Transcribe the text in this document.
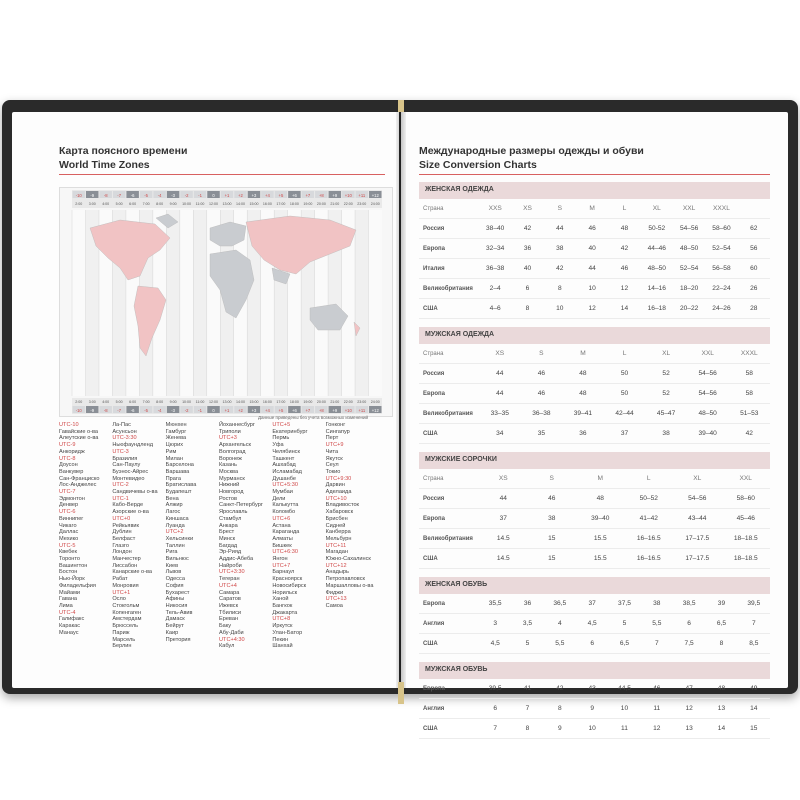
Карта поясного времени
World Time Zones
-10
2:00
2:00
-10
-9
3:00
3:00
-9
-8
4:00
4:00
-8
-7
5:00
5:00
-7
-6
6:00
6:00
-6
-5
7:00
7:00
-5
-4
8:00
8:00
-4
-3
9:00
9:00
-3
-2
10:00
10:00
-2
-1
11:00
11:00
-1
0
12:00
12:00
0
+1
13:00
13:00
+1
+2
14:00
14:00
+2
+3
15:00
15:00
+3
+4
16:00
16:00
+4
+5
17:00
17:00
+5
+6
18:00
18:00
+6
+7
19:00
19:00
+7
+8
20:00
20:00
+8
+9
21:00
21:00
+9
+10
22:00
22:00
+10
+11
23:00
23:00
+11
+12
24:00
24:00
+12
Данные приведены без учета возможных изменений
UTC-10
Гавайские о-ва
Алеутские о-ва
UTC-9
Анкоридж
UTC-8
Доусон
Ванкувер
Сан-Франциско
Лос-Анджелес
UTC-7
Эдмонтон
Денвер
UTC-6
Виннипег
Чикаго
Даллас
Мехико
UTC-5
Квебек
Торонто
Вашингтон
Бостон
Нью-Йорк
Филадельфия
Майами
Гавана
Лима
UTC-4
Галифакс
Каракас
Манаус
Ла-Пас
Асунсьон
UTC-3:30
Ньюфаундленд
UTC-3
Бразилия
Сан-Паулу
Буэнос-Айрес
Монтевидео
UTC-2
Сандвичевы о-ва
UTC-1
Кабо-Верде
Азорские о-ва
UTC+0
Рейкьявик
Дублин
Белфаст
Глазго
Лондон
Манчестер
Лиссабон
Канарские о-ва
Рабат
Монровия
UTC+1
Осло
Стокгольм
Копенгаген
Амстердам
Брюссель
Париж
Марсель
Берлин
Мюнхен
Гамбург
Женева
Цюрих
Рим
Милан
Барселона
Варшава
Прага
Братислава
Будапешт
Вена
Алжир
Лагос
Киншаса
Луанда
UTC+2
Хельсинки
Таллин
Рига
Вильнюс
Киев
Львов
Одесса
София
Бухарест
Афины
Никосия
Тель-Авив
Дамаск
Бейрут
Каир
Претория
Йоханнесбург
Триполи
UTC+3
Архангельск
Волгоград
Воронеж
Казань
Москва
Мурманск
Нижний
Новгород
Ростов
Санкт-Петербург
Ярославль
Стамбул
Анкара
Брест
Минск
Багдад
Эр-Рияд
Аддис-Абеба
Найроби
UTC+3:30
Тегеран
UTC+4
Самара
Саратов
Ижевск
Тбилиси
Ереван
Баку
Абу-Даби
UTC+4:30
Кабул
UTC+5
Екатеринбург
Пермь
Уфа
Челябинск
Ташкент
Ашхабад
Исламабад
Душанбе
UTC+5:30
Мумбаи
Дели
Калькутта
Коломбо
UTC+6
Астана
Караганда
Алматы
Бишкек
UTC+6:30
Янгон
UTC+7
Барнаул
Красноярск
Новосибирск
Норильск
Ханой
Бангкок
Джакарта
UTC+8
Иркутск
Улан-Батор
Пекин
Шанхай
Гонконг
Сингапур
Перт
UTC+9
Чита
Якутск
Сеул
Токио
UTC+9:30
Дарвин
Аделаида
UTC+10
Владивосток
Хабаровск
Брисбен
Сидней
Канберра
Мельбурн
UTC+11
Магадан
Южно-Сахалинск
UTC+12
Анадырь
Петропавловск
Маршалловы о-ва
Фиджи
UTC+13
Самоа
Международные размеры одежды и обуви
Size Conversion Charts
ЖЕНСКАЯ ОДЕЖДА
Страна	XXS	XS	S	M	L	XL	XXL	XXXL
Россия	38–40	42	44	46	48	50-52	54–56	58–60	62
Европа	32–34	36	38	40	42	44–46	48–50	52–54	56
Италия	36–38	40	42	44	46	48–50	52–54	56–58	60
Великобритания	2–4	6	8	10	12	14–16	18–20	22–24	26
США	4–6	8	10	12	14	16–18	20–22	24–26	28
МУЖСКАЯ ОДЕЖДА
Страна	XS	S	M	L	XL	XXL	XXXL
Россия	44	46	48	50	52	54–56	58
Европа	44	46	48	50	52	54–56	58
Великобритания	33–35	36–38	39–41	42–44	45–47	48–50	51–53
США	34	35	36	37	38	39–40	42
МУЖСКИЕ СОРОЧКИ
Страна	XS	S	M	L	XL	XXL
Россия	44	46	48	50–52	54–56	58–60
Европа	37	38	39–40	41–42	43–44	45–46
Великобритания	14.5	15	15.5	16–16.5	17–17.5	18–18.5
США	14.5	15	15.5	16–16.5	17–17.5	18–18.5
ЖЕНСКАЯ ОБУВЬ
Европа	35,5	36	36,5	37	37,5	38	38,5	39	39,5
Англия	3	3,5	4	4,5	5	5,5	6	6,5	7
США	4,5	5	5,5	6	6,5	7	7,5	8	8,5
МУЖСКАЯ ОБУВЬ
Европа	39,5	41	42	43	44,5	46	47	48	49
Англия	6	7	8	9	10	11	12	13	14
США	7	8	9	10	11	12	13	14	15
